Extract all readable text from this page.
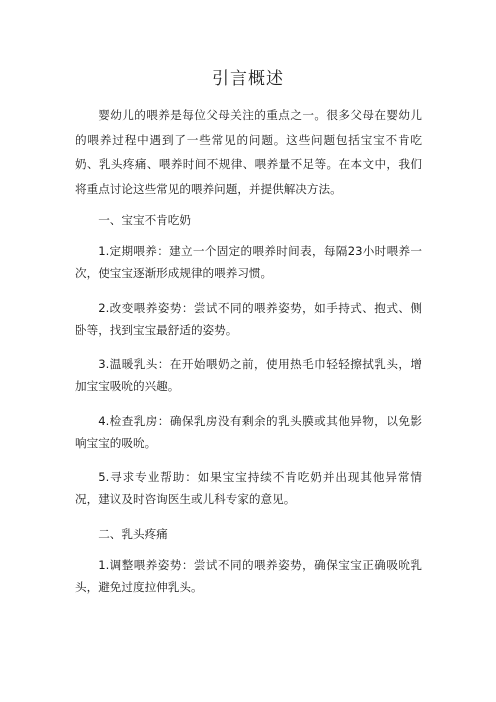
引言概述

婴幼儿的喂养是每位父母关注的重点之一。很多父母在婴幼儿的喂养过程中遇到了一些常见的问题。这些问题包括宝宝不肯吃奶、乳头疼痛、喂养时间不规律、喂养量不足等。在本文中，我们将重点讨论这些常见的喂养问题，并提供解决方法。

一、宝宝不肯吃奶

1.定期喂养：建立一个固定的喂养时间表，每隔23小时喂养一次，使宝宝逐渐形成规律的喂养习惯。

2.改变喂养姿势：尝试不同的喂养姿势，如手持式、抱式、侧卧等，找到宝宝最舒适的姿势。

3.温暖乳头：在开始喂奶之前，使用热毛巾轻轻擦拭乳头，增加宝宝吸吮的兴趣。

4.检查乳房：确保乳房没有剩余的乳头膜或其他异物，以免影响宝宝的吸吮。

5.寻求专业帮助：如果宝宝持续不肯吃奶并出现其他异常情况，建议及时咨询医生或儿科专家的意见。

二、乳头疼痛

1.调整喂养姿势：尝试不同的喂养姿势，确保宝宝正确吸吮乳头，避免过度拉伸乳头。
